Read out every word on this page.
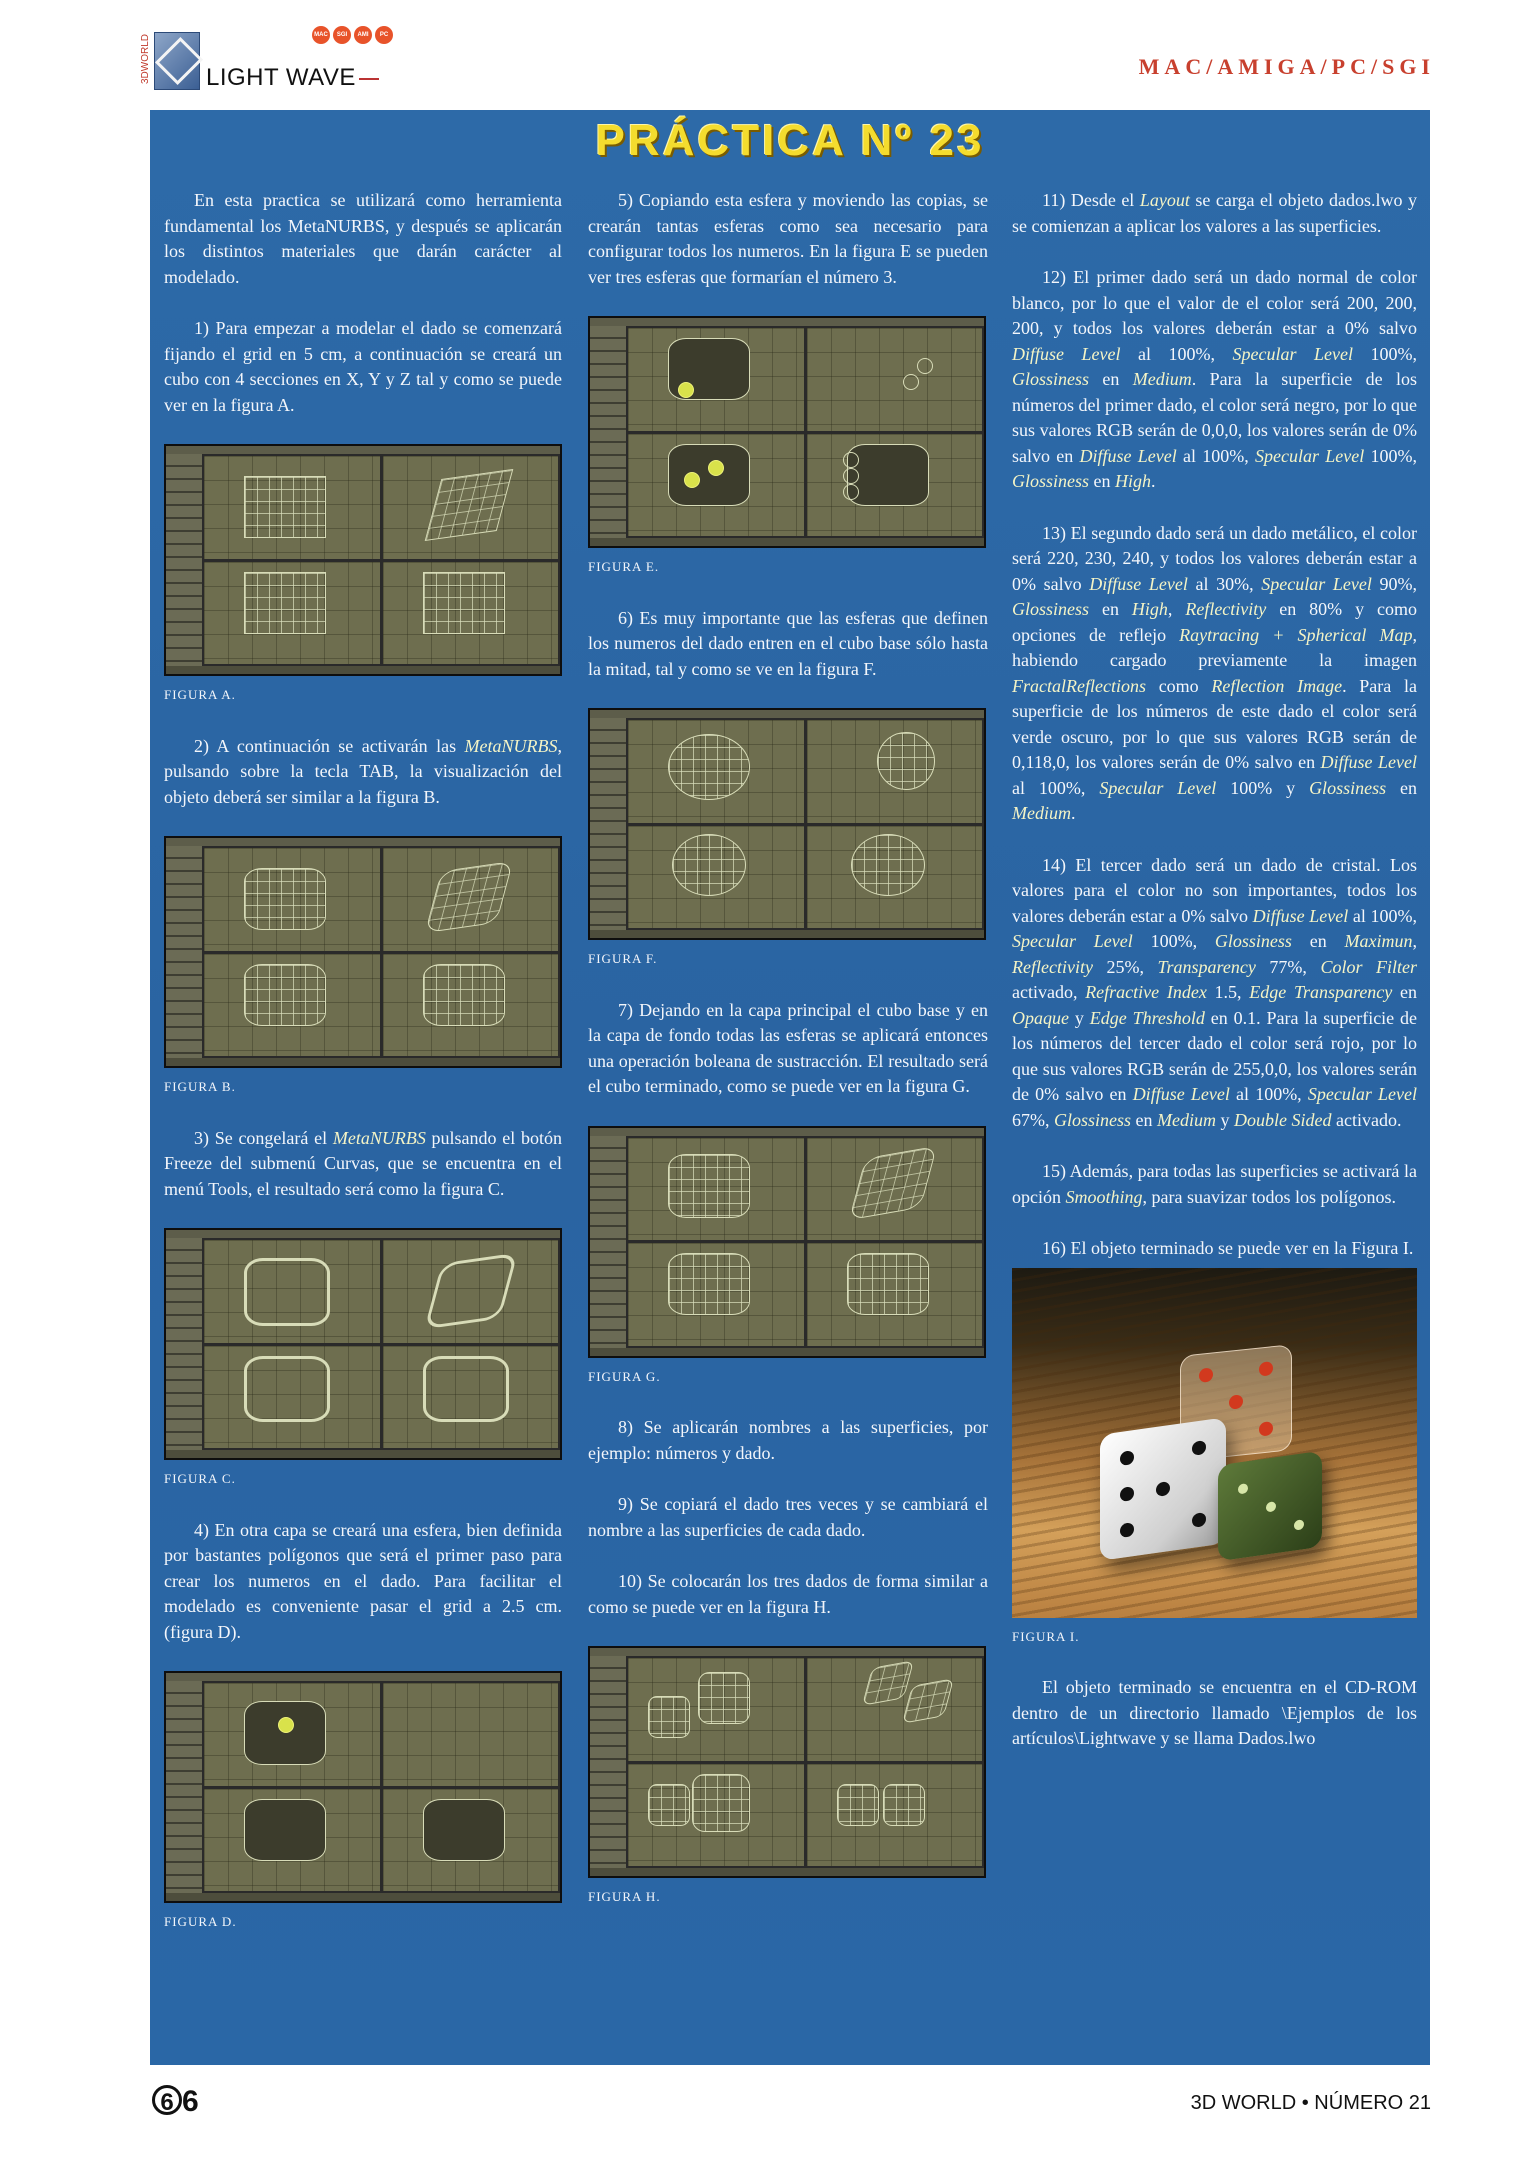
3DWORLD	MAC	SGI	AMI	PC
LIGHT WAVE	MAC/AMIGA/PC/SGI
PRÁCTICA Nº 23

En esta practica se utilizará como herramienta fundamental los MetaNURBS, y después se aplicarán los distintos materiales que darán carácter al modelado.

1) Para empezar a modelar el dado se comenzará fijando el grid en 5 cm, a continuación se creará un cubo con 4 secciones en X, Y y Z tal y como se puede ver en la figura A.

FIGURA A.

2) A continuación se activarán las MetaNURBS, pulsando sobre la tecla TAB, la visualización del objeto deberá ser similar a la figura B.

FIGURA B.

3) Se congelará el MetaNURBS pulsando el botón Freeze del submenú Curvas, que se encuentra en el menú Tools, el resultado será como la figura C.

FIGURA C.

4) En otra capa se creará una esfera, bien definida por bastantes polígonos que será el primer paso para crear los numeros en el dado. Para facilitar el modelado es conveniente pasar el grid a 2.5 cm. (figura D).

FIGURA D.

5) Copiando esta esfera y moviendo las copias, se crearán tantas esferas como sea necesario para configurar todos los numeros. En la figura E se pueden ver tres esferas que formarían el número 3.

FIGURA E.

6) Es muy importante que las esferas que definen los numeros del dado entren en el cubo base sólo hasta la mitad, tal y como se ve en la figura F.

FIGURA F.

7) Dejando en la capa principal el cubo base y en la capa de fondo todas las esferas se aplicará entonces una operación boleana de sustracción. El resultado será el cubo terminado, como se puede ver en la figura G.

FIGURA G.

8) Se aplicarán nombres a las superficies, por ejemplo: números y dado.

9) Se copiará el dado tres veces y se cambiará el nombre a las superficies de cada dado.

10) Se colocarán los tres dados de forma similar a como se puede ver en la figura H.

FIGURA H.

11) Desde el Layout se carga el objeto dados.lwo y se comienzan a aplicar los valores a las superficies.

12) El primer dado será un dado normal de color blanco, por lo que el valor de el color será 200, 200, 200, y todos los valores deberán estar a 0% salvo Diffuse Level al 100%, Specular Level 100%, Glossiness en Medium. Para la superficie de los números del primer dado, el color será negro, por lo que sus valores RGB serán de 0,0,0, los valores serán de 0% salvo en Diffuse Level al 100%, Specular Level 100%, Glossiness en High.

13) El segundo dado será un dado metálico, el color será 220, 230, 240, y todos los valores deberán estar a 0% salvo Diffuse Level al 30%, Specular Level 90%, Glossiness en High, Reflectivity en 80% y como opciones de reflejo Raytracing + Spherical Map, habiendo cargado previamente la imagen FractalReflections como Reflection Image. Para la superficie de los números de este dado el color será verde oscuro, por lo que sus valores RGB serán de 0,118,0, los valores serán de 0% salvo en Diffuse Level al 100%, Specular Level 100% y Glossiness en Medium.

14) El tercer dado será un dado de cristal. Los valores para el color no son importantes, todos los valores deberán estar a 0% salvo Diffuse Level al 100%, Specular Level 100%, Glossiness en Maximun, Reflectivity 25%, Transparency 77%, Color Filter activado, Refractive Index 1.5, Edge Transparency en Opaque y Edge Threshold en 0.1. Para la superficie de los números del tercer dado el color será rojo, por lo que sus valores RGB serán de 255,0,0, los valores serán de 0% salvo en Diffuse Level al 100%, Specular Level 67%, Glossiness en Medium y Double Sided activado.

15) Además, para todas las superficies se activará la opción Smoothing, para suavizar todos los polígonos.

16) El objeto terminado se puede ver en la Figura I.

FIGURA I.

El objeto terminado se encuentra en el CD-ROM dentro de un directorio llamado \Ejemplos de los artículos\Lightwave y se llama Dados.lwo

6 6	3D WORLD • NÚMERO 21
